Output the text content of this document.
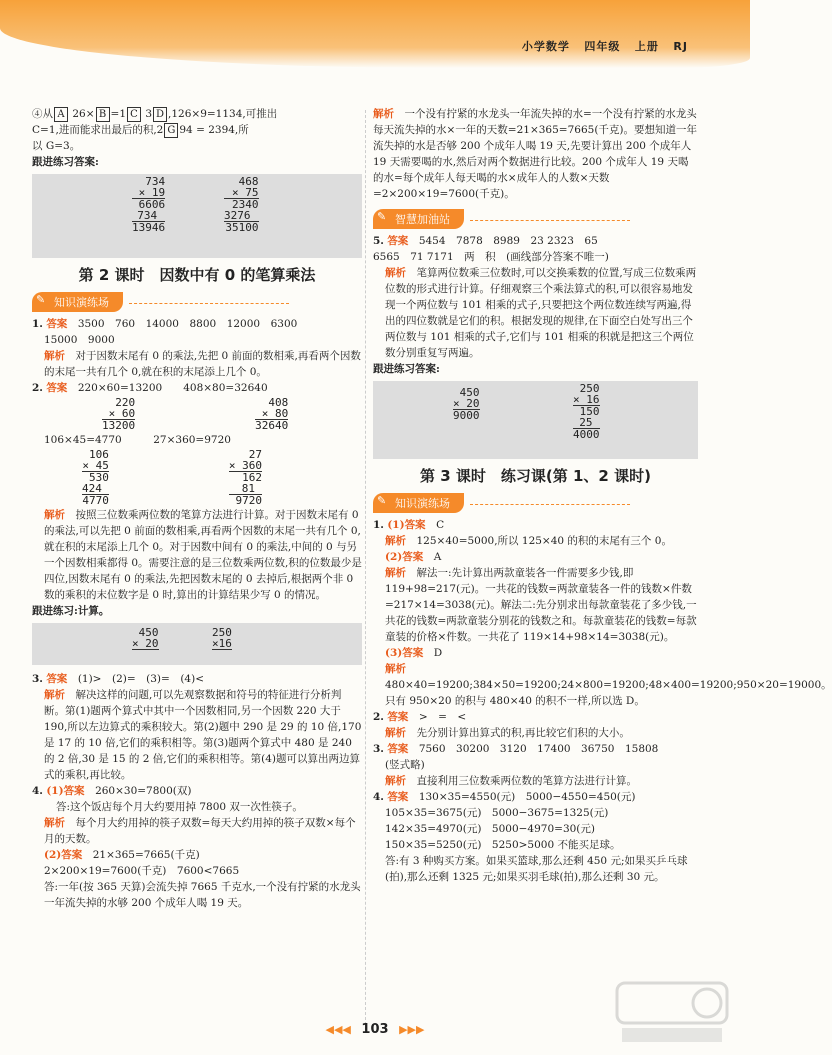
小学数学 四年级 上册 RJ

④从 A 26× B =1 C 3 D ,126×9=1134,可推出

C=1,进而能求出最后的积,2 G 94 = 2394,所

以 G=3。

跟进练习答案:

734
× 19
6606
734
13946
468
× 75
2340
3276
35100
第 2 课时　因数中有 0 的笔算乘法
✎ 知识演练场

1. 答案　 3500　760　14000　8800　12000　6300

15000　9000

解析　 对于因数末尾有 0 的乘法,先把 0 前面的数相乘,再看两个因数的末尾一共有几个 0,就在积的末尾添上几个 0。

2. 答案　 220×60=13200　　 408×80=32640

220
× 60
13200
408
× 80
32640

106×45=4770　　　	27×360=9720

106
× 45
530
424
4770
27
× 360
162
81
9720

解析　 按照三位数乘两位数的笔算方法进行计算。对于因数末尾有 0 的乘法,可以先把 0 前面的数相乘,再看两个因数的末尾一共有几个 0,就在积的末尾添上几个 0。对于因数中间有 0 的乘法,中间的 0 与另一个因数相乘都得 0。需要注意的是三位数乘两位数,积的位数最少是四位,因数末尾有 0 的乘法,先把因数末尾的 0 去掉后,根据两个非 0 数的乘积的末位数字是 0 时,算出的计算结果少写 0 的情况。

跟进练习:计算。

450
× 20

250
×16

3. 答案　 (1)>　(2)=　(3)=　(4)<

解析　 解决这样的问题,可以先观察数据和符号的特征进行分析判断。第(1)题两个算式中其中一个因数相同,另一个因数 220 大于 190,所以左边算式的乘积较大。第(2)题中 290 是 29 的 10 倍,170 是 17 的 10 倍,它们的乘积相等。第(3)题两个算式中 480 是 240 的 2 倍,30 是 15 的 2 倍,它们的乘积相等。第(4)题可以算出两边算式的乘积,再比较。

4. (1)答案　 260×30=7800(双)

答:这个饭店每个月大约要用掉 7800 双一次性筷子。

解析　 每个月大约用掉的筷子双数=每天大约用掉的筷子双数×每个月的天数。

(2)答案　 21×365=7665(千克)

2×200×19=7600(千克)　7600<7665

答:一年(按 365 天算)会流失掉 7665 千克水,一个没有拧紧的水龙头一年流失掉的水够 200 个成年人喝 19 天。

解析　 一个没有拧紧的水龙头一年流失掉的水=一个没有拧紧的水龙头每天流失掉的水×一年的天数=21×365=7665(千克)。要想知道一年流失掉的水是否够 200 个成年人喝 19 天,先要计算出 200 个成年人 19 天需要喝的水,然后对两个数据进行比较。200 个成年人 19 天喝的水=每个成年人每天喝的水×成年人的人数×天数=2×200×19=7600(千克)。

✎ 智慧加油站

5. 答案　 5454　7878　8989　23 2323　65

6565　71 7171　两　积　(画线部分答案不唯一)

解析　 笔算两位数乘三位数时,可以交换乘数的位置,写成三位数乘两位数的形式进行计算。仔细观察三个乘法算式的积,可以很容易地发现一个两位数与 101 相乘的式子,只要把这个两位数连续写两遍,得出的四位数就是它们的积。根据发现的规律,在下面空白处写出三个两位数与 101 相乘的式子,它们与 101 相乘的积就是把这三个两位数分别重复写两遍。

跟进练习答案:

450
× 20
9000
250
× 16
150
25
4000
第 3 课时　练习课(第 1、2 课时)
✎ 知识演练场

1. (1)答案　 C

解析　 125×40=5000,所以 125×40 的积的末尾有三个 0。

(2)答案　 A

解析　 解法一:先计算出两款童装各一件需要多少钱,即 119+98=217(元)。一共花的钱数=两款童装各一件的钱数×件数=217×14=3038(元)。解法二:先分别求出每款童装花了多少钱,一共花的钱数=两款童装分别花的钱数之和。每款童装花的钱数=每款童装的价格×件数。一共花了 119×14+98×14=3038(元)。

(3)答案　 D

解析　480×40=19200;384×50=19200;24×800=19200;48×400=19200;950×20=19000。只有 950×20 的积与 480×40 的积不一样,所以选 D。

2. 答案　 >　=　<

解析　 先分别计算出算式的积,再比较它们积的大小。

3. 答案　 7560　30200　3120　17400　36750　15808

(竖式略)

解析　 直接利用三位数乘两位数的笔算方法进行计算。

4. 答案　 130×35=4550(元)　5000−4550=450(元)

105×35=3675(元)　5000−3675=1325(元)

142×35=4970(元)　5000−4970=30(元)

150×35=5250(元)　5250>5000 不能买足球。

答:有 3 种购买方案。如果买篮球,那么还剩 450 元;如果买乒乓球(拍),那么还剩 1325 元;如果买羽毛球(拍),那么还剩 30 元。

◀◀◀ 103 ▶▶▶
